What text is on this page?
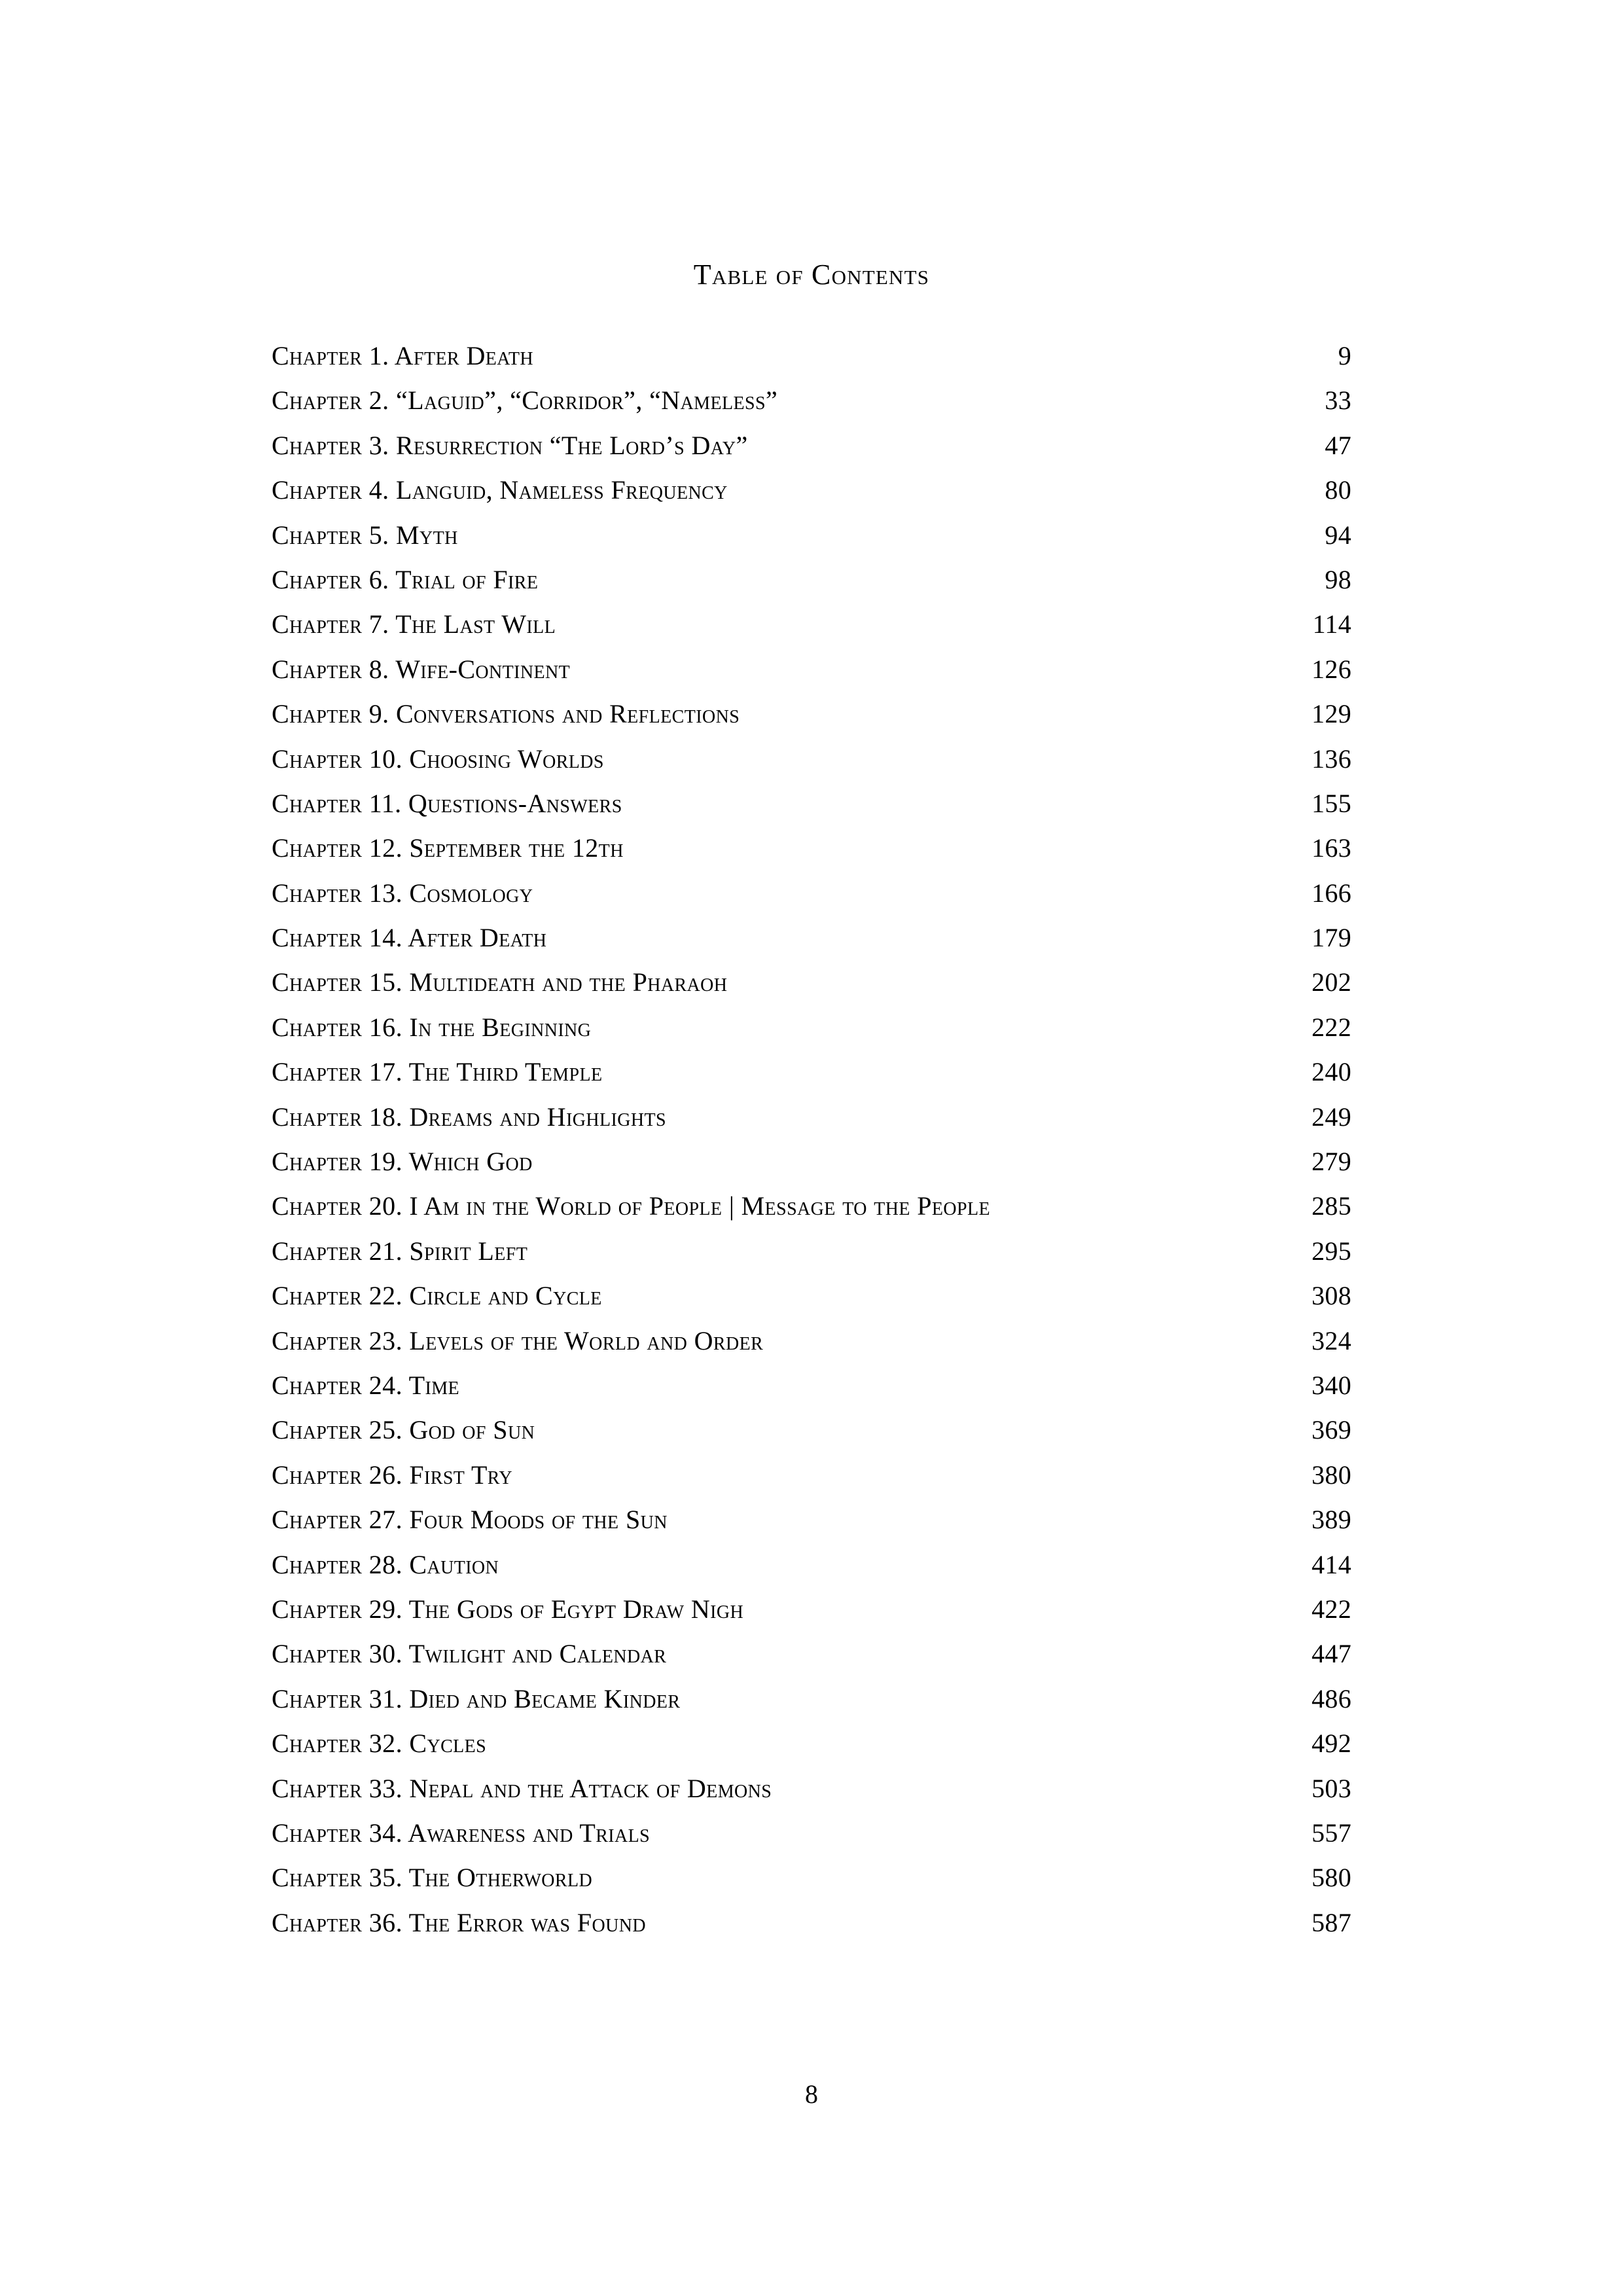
Table of Contents
Chapter 1. After Death	9
Chapter 2. “Laguid”, “Corridor”, “Nameless”	33
Chapter 3. Resurrection “The Lord’s Day”	47
Chapter 4. Languid, Nameless Frequency	80
Chapter 5. Myth	94
Chapter 6. Trial of Fire	98
Chapter 7. The Last Will	114
Chapter 8. Wife-Continent	126
Chapter 9. Conversations and Reflections	129
Chapter 10. Choosing Worlds	136
Chapter 11. Questions-Answers	155
Chapter 12. September the 12th	163
Chapter 13. Cosmology	166
Chapter 14. After Death	179
Chapter 15. Multideath and the Pharaoh	202
Chapter 16. In the Beginning	222
Chapter 17. The Third Temple	240
Chapter 18. Dreams and Highlights	249
Chapter 19. Which God	279
Chapter 20. I Am in the World of People | Message to the People	285
Chapter 21. Spirit Left	295
Chapter 22. Circle and Cycle	308
Chapter 23. Levels of the World and Order	324
Chapter 24. Time	340
Chapter 25. God of Sun	369
Chapter 26. First Try	380
Chapter 27. Four Moods of the Sun	389
Chapter 28. Caution	414
Chapter 29. The Gods of Egypt Draw Nigh	422
Chapter 30. Twilight and Calendar	447
Chapter 31. Died and Became Kinder	486
Chapter 32. Cycles	492
Chapter 33. Nepal and the Attack of Demons	503
Chapter 34. Awareness and Trials	557
Chapter 35. The Otherworld	580
Chapter 36. The Error was Found	587
8
